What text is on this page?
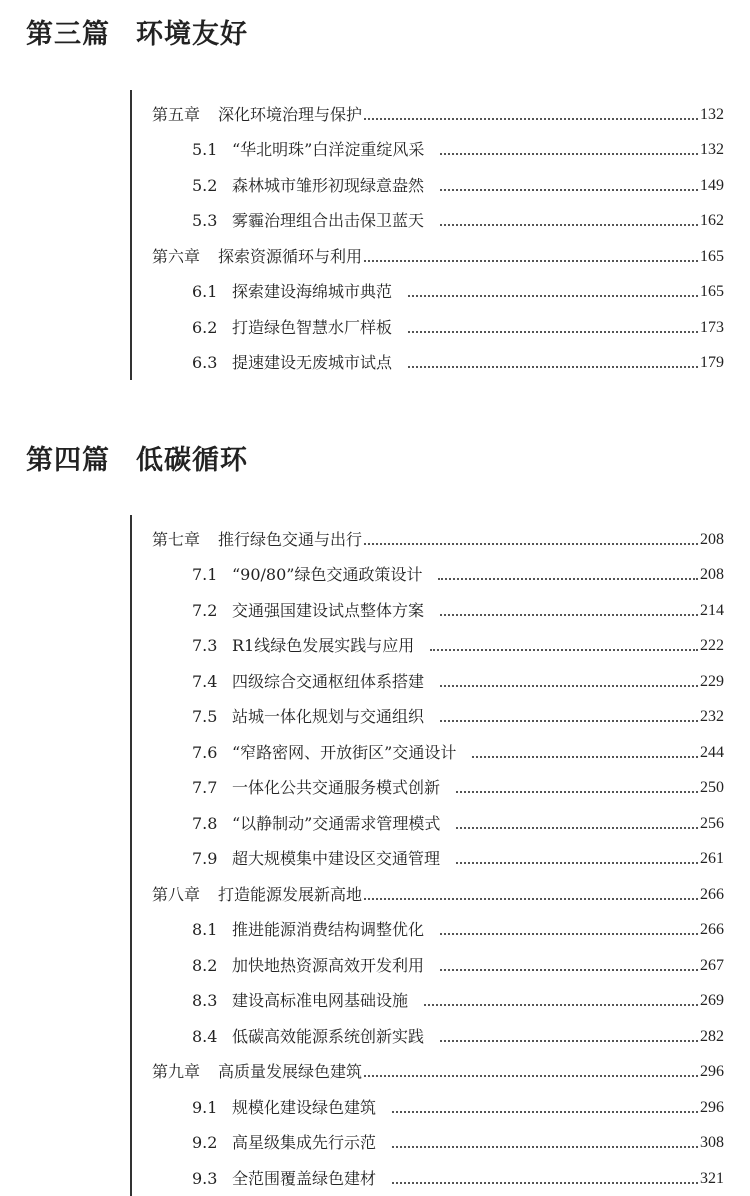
第三篇 环境友好
第五章 深化环境治理与保护	132
5.1 “华北明珠”白洋淀重绽风采	132
5.2 森林城市雏形初现绿意盎然	149
5.3 雾霾治理组合出击保卫蓝天	162
第六章 探索资源循环与利用	165
6.1 探索建设海绵城市典范	165
6.2 打造绿色智慧水厂样板	173
6.3 提速建设无废城市试点	179
第四篇 低碳循环
第七章 推行绿色交通与出行	208
7.1 “90/80”绿色交通政策设计	208
7.2 交通强国建设试点整体方案	214
7.3 R1线绿色发展实践与应用	222
7.4 四级综合交通枢纽体系搭建	229
7.5 站城一体化规划与交通组织	232
7.6 “窄路密网、开放街区”交通设计	244
7.7 一体化公共交通服务模式创新	250
7.8 “以静制动”交通需求管理模式	256
7.9 超大规模集中建设区交通管理	261
第八章 打造能源发展新高地	266
8.1 推进能源消费结构调整优化	266
8.2 加快地热资源高效开发利用	267
8.3 建设高标准电网基础设施	269
8.4 低碳高效能源系统创新实践	282
第九章 高质量发展绿色建筑	296
9.1 规模化建设绿色建筑	296
9.2 高星级集成先行示范	308
9.3 全范围覆盖绿色建材	321
